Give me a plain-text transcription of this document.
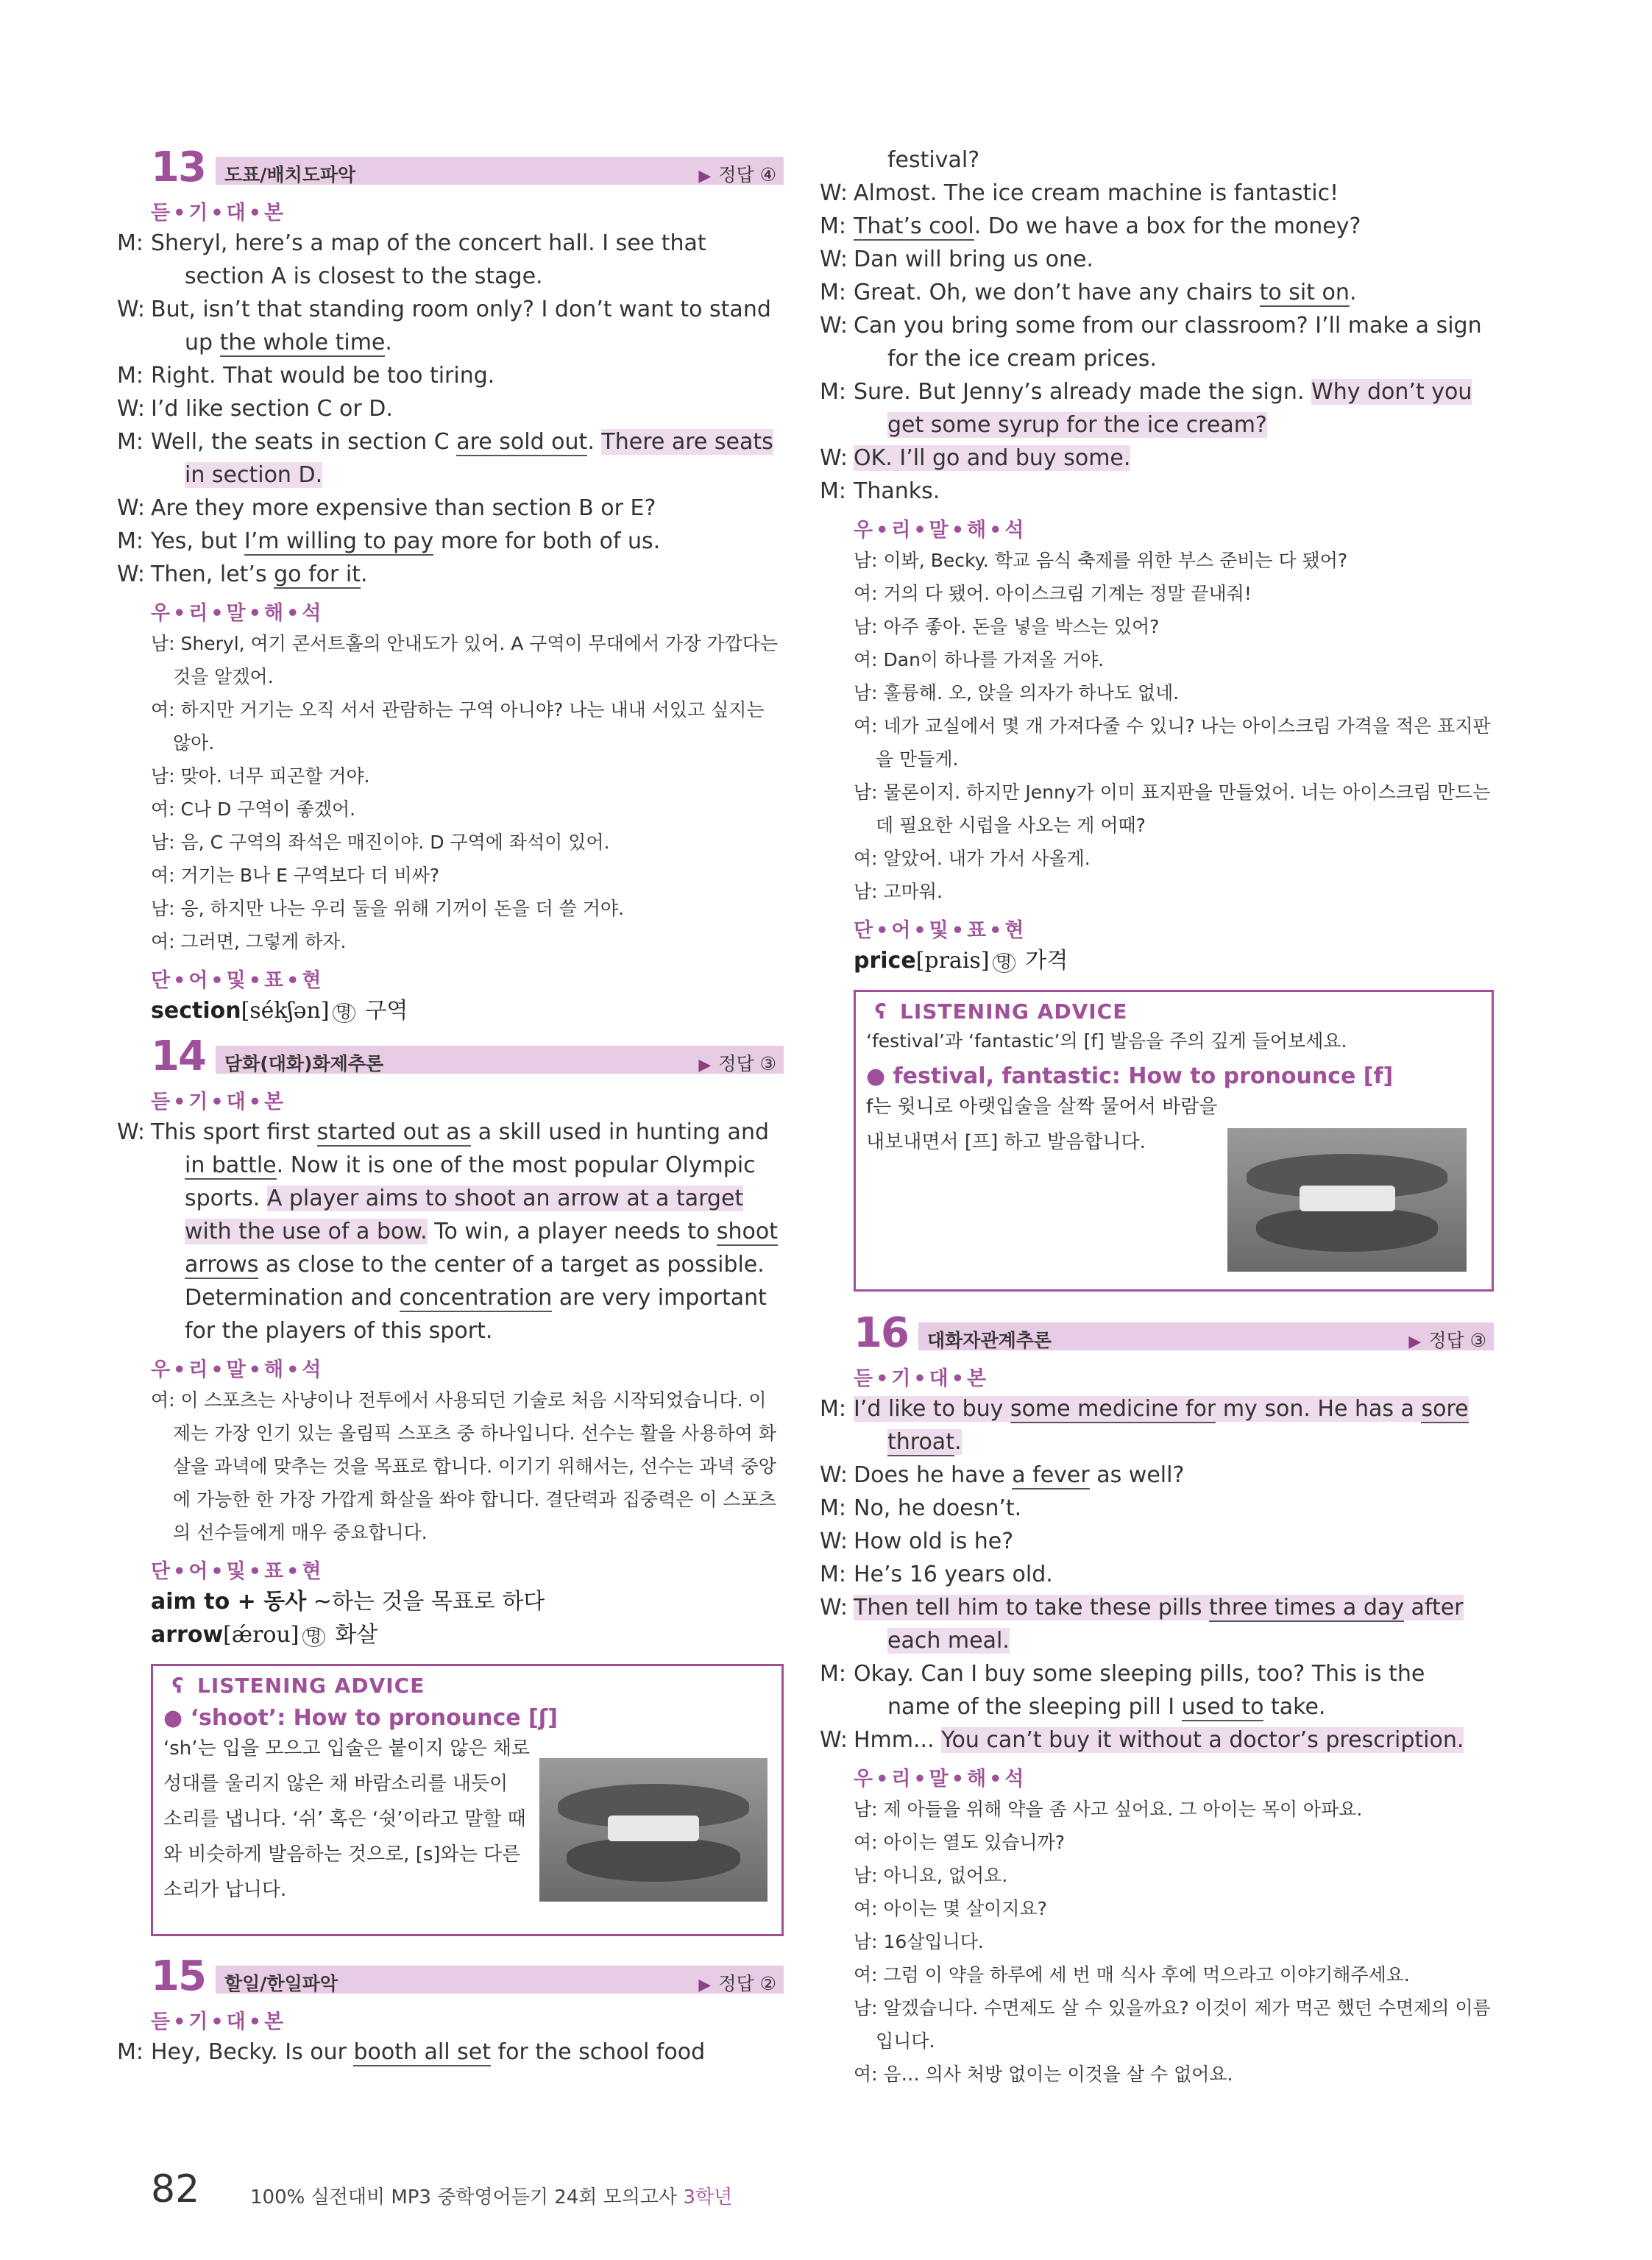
13 도표/배치도파악	▶ 정답 ④
듣•기•대•본
M:Sheryl, here’s a map of the concert hall. I see that section A is closest to the stage.
W:But, isn’t that standing room only? I don’t want to stand up the whole time.
M:Right. That would be too tiring.
W:I’d like section C or D.
M:Well, the seats in section C are sold out. There are seats in section D.
W:Are they more expensive than section B or E?
M:Yes, but I’m willing to pay more for both of us.
W:Then, let’s go for it.
우•리•말•해•석
남: Sheryl, 여기 콘서트홀의 안내도가 있어. A 구역이 무대에서 가장 가깝다는 것을 알겠어.
여: 하지만 거기는 오직 서서 관람하는 구역 아니야? 나는 내내 서있고 싶지는 않아.
남: 맞아. 너무 피곤할 거야.
여: C나 D 구역이 좋겠어.
남: 음, C 구역의 좌석은 매진이야. D 구역에 좌석이 있어.
여: 거기는 B나 E 구역보다 더 비싸?
남: 응, 하지만 나는 우리 둘을 위해 기꺼이 돈을 더 쓸 거야.
여: 그러면, 그렇게 하자.
단•어•및•표•현
section[sékʃən] 명 구역
14 담화(대화)화제추론	▶ 정답 ③
듣•기•대•본
W:This sport first started out as a skill used in hunting and in battle. Now it is one of the most popular Olympic sports. A player aims to shoot an arrow at a target with the use of a bow. To win, a player needs to shoot arrows as close to the center of a target as possible. Determination and concentration are very important for the players of this sport.
우•리•말•해•석
여: 이 스포츠는 사냥이나 전투에서 사용되던 기술로 처음 시작되었습니다. 이제는 가장 인기 있는 올림픽 스포츠 중 하나입니다. 선수는 활을 사용하여 화살을 과녁에 맞추는 것을 목표로 합니다. 이기기 위해서는, 선수는 과녁 중앙에 가능한 한 가장 가깝게 화살을 쏴야 합니다. 결단력과 집중력은 이 스포츠의 선수들에게 매우 중요합니다.
단•어•및•표•현
aim to + 동사 ~하는 것을 목표로 하다
arrow[ǽrou] 명 화살
ʕ LISTENING ADVICE
● ‘shoot’: How to pronounce [ʃ]
‘sh’는 입을 모으고 입술은 붙이지 않은 채로 성대를 울리지 않은 채 바람소리를 내듯이 소리를 냅니다. ‘쉬’ 혹은 ‘쉿’이라고 말할 때와 비슷하게 발음하는 것으로, [s]와는 다른 소리가 납니다.
15 할일/한일파악	▶ 정답 ②
듣•기•대•본
M:Hey, Becky. Is our booth all set for the school food
festival?
W:Almost. The ice cream machine is fantastic!
M:That’s cool. Do we have a box for the money?
W:Dan will bring us one.
M:Great. Oh, we don’t have any chairs to sit on.
W:Can you bring some from our classroom? I’ll make a sign for the ice cream prices.
M:Sure. But Jenny’s already made the sign. Why don’t you get some syrup for the ice cream?
W:OK. I’ll go and buy some.
M:Thanks.
우•리•말•해•석
남: 이봐, Becky. 학교 음식 축제를 위한 부스 준비는 다 됐어?
여: 거의 다 됐어. 아이스크림 기계는 정말 끝내줘!
남: 아주 좋아. 돈을 넣을 박스는 있어?
여: Dan이 하나를 가져올 거야.
남: 훌륭해. 오, 앉을 의자가 하나도 없네.
여: 네가 교실에서 몇 개 가져다줄 수 있니? 나는 아이스크림 가격을 적은 표지판을 만들게.
남: 물론이지. 하지만 Jenny가 이미 표지판을 만들었어. 너는 아이스크림 만드는 데 필요한 시럽을 사오는 게 어때?
여: 알았어. 내가 가서 사올게.
남: 고마워.
단•어•및•표•현
price[prais] 명 가격
ʕ LISTENING ADVICE
‘festival’과 ‘fantastic’의 [f] 발음을 주의 깊게 들어보세요.
● festival, fantastic: How to pronounce [f]
f는 윗니로 아랫입술을 살짝 물어서 바람을 내보내면서 [프] 하고 발음합니다.
16 대화자관계추론	▶ 정답 ③
듣•기•대•본
M:I’d like to buy some medicine for my son. He has a sore throat.
W:Does he have a fever as well?
M:No, he doesn’t.
W:How old is he?
M:He’s 16 years old.
W:Then tell him to take these pills three times a day after each meal.
M:Okay. Can I buy some sleeping pills, too? This is the name of the sleeping pill I used to take.
W:Hmm... You can’t buy it without a doctor’s prescription.
우•리•말•해•석
남: 제 아들을 위해 약을 좀 사고 싶어요. 그 아이는 목이 아파요.
여: 아이는 열도 있습니까?
남: 아니요, 없어요.
여: 아이는 몇 살이지요?
남: 16살입니다.
여: 그럼 이 약을 하루에 세 번 매 식사 후에 먹으라고 이야기해주세요.
남: 알겠습니다. 수면제도 살 수 있을까요? 이것이 제가 먹곤 했던 수면제의 이름입니다.
여: 음… 의사 처방 없이는 이것을 살 수 없어요.
82	100% 실전대비 MP3 중학영어듣기 24회 모의고사 3학년
